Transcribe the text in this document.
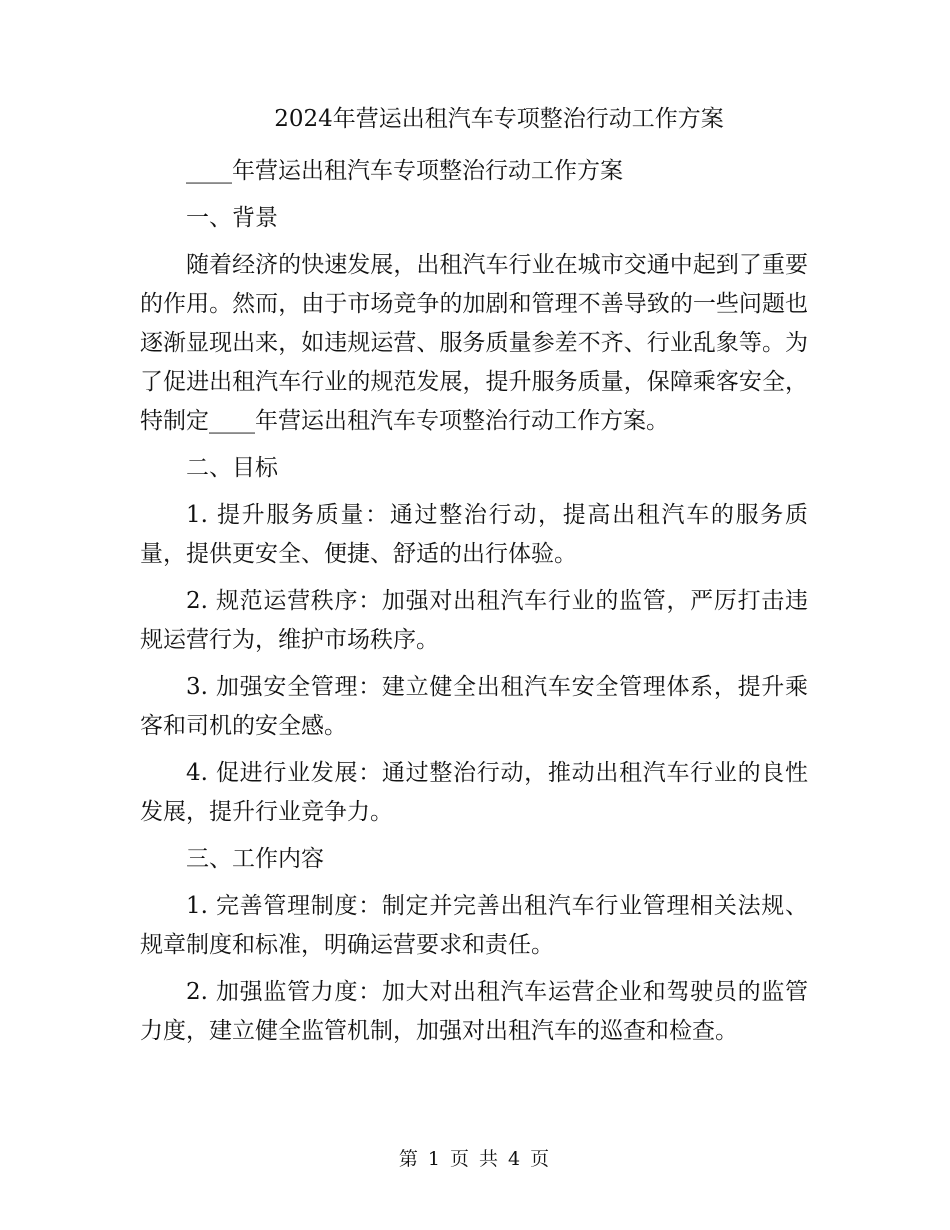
2024年营运出租汽车专项整治行动工作方案

____年营运出租汽车专项整治行动工作方案

一、背景

随着经济的快速发展，出租汽车行业在城市交通中起到了重要的作用。然而，由于市场竞争的加剧和管理不善导致的一些问题也逐渐显现出来，如违规运营、服务质量参差不齐、行业乱象等。为了促进出租汽车行业的规范发展，提升服务质量，保障乘客安全，特制定____年营运出租汽车专项整治行动工作方案。

二、目标

1. 提升服务质量：通过整治行动，提高出租汽车的服务质量，提供更安全、便捷、舒适的出行体验。

2. 规范运营秩序：加强对出租汽车行业的监管，严厉打击违规运营行为，维护市场秩序。

3. 加强安全管理：建立健全出租汽车安全管理体系，提升乘客和司机的安全感。

4. 促进行业发展：通过整治行动，推动出租汽车行业的良性发展，提升行业竞争力。

三、工作内容

1. 完善管理制度：制定并完善出租汽车行业管理相关法规、规章制度和标准，明确运营要求和责任。

2. 加强监管力度：加大对出租汽车运营企业和驾驶员的监管力度，建立健全监管机制，加强对出租汽车的巡查和检查。

第 1 页 共 4 页
